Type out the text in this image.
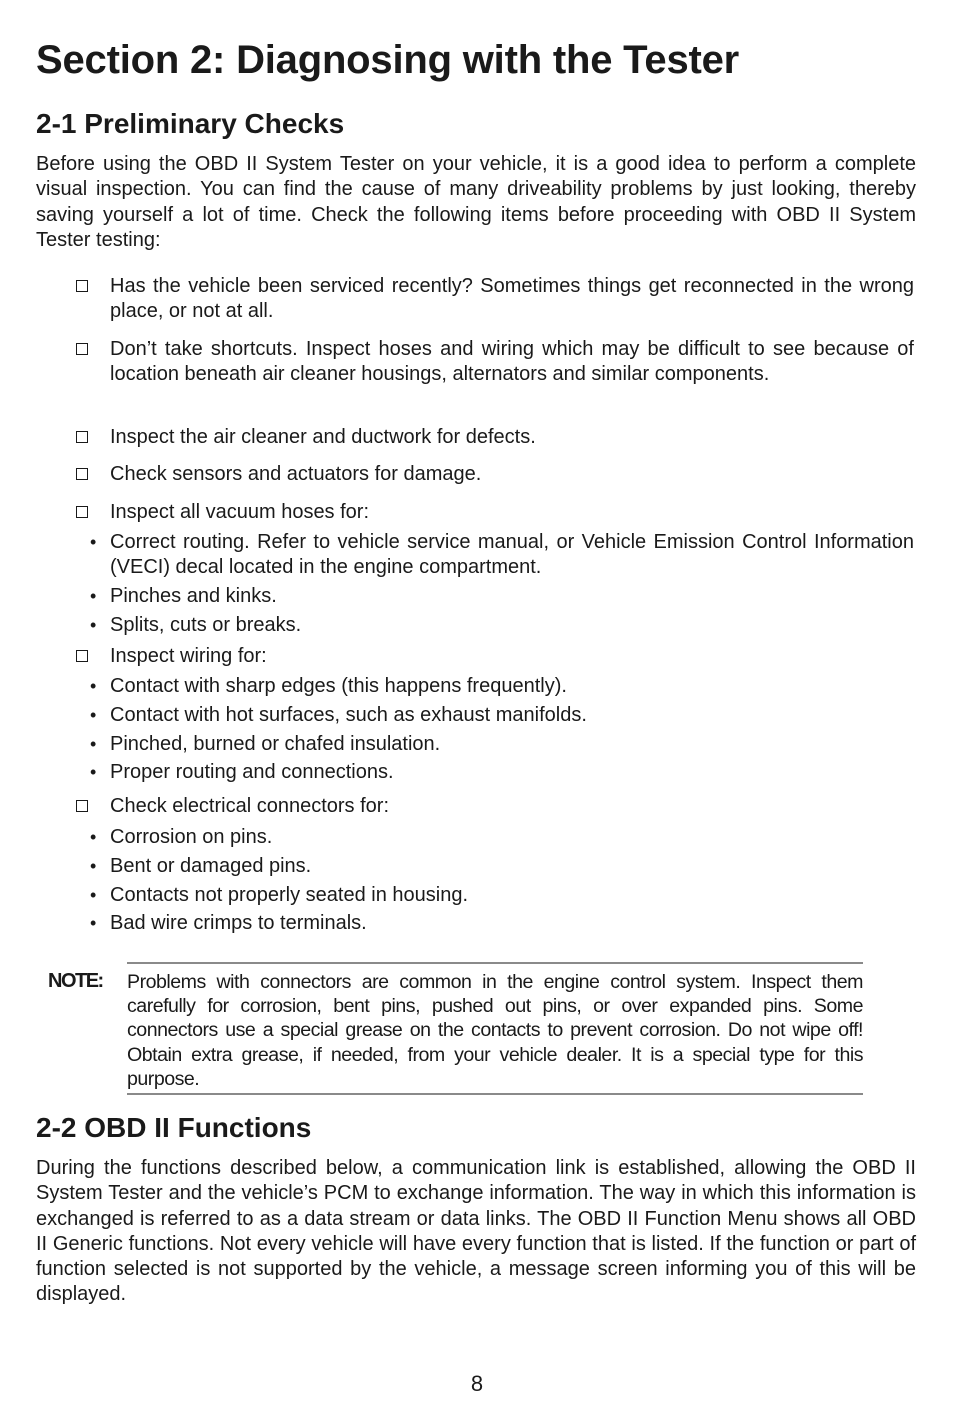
Section 2: Diagnosing with the Tester
2-1 Preliminary Checks

Before using the OBD II System Tester on your vehicle, it is a good idea to perform a complete visual inspection. You can find the cause of many driveability problems by just looking, thereby saving yourself a lot of time. Check the following items before proceeding with OBD II System Tester testing:

Has the vehicle been serviced recently? Sometimes things get reconnected in the wrong place, or not at all.
Don’t take shortcuts. Inspect hoses and wiring which may be difficult to see because of location beneath air cleaner housings, alternators and similar components.
Inspect the air cleaner and ductwork for defects.
Check sensors and actuators for damage.
Inspect all vacuum hoses for:
• Correct routing. Refer to vehicle service manual, or Vehicle Emission Control Information (VECI) decal located in the engine compartment.
• Pinches and kinks.
• Splits, cuts or breaks.
Inspect wiring for:
• Contact with sharp edges (this happens frequently).
• Contact with hot surfaces, such as exhaust manifolds.
• Pinched, burned or chafed insulation.
• Proper routing and connections.
Check electrical connectors for:
• Corrosion on pins.
• Bent or damaged pins.
• Contacts not properly seated in housing.
• Bad wire crimps to terminals.
NOTE: Problems with connectors are common in the engine control system. Inspect them carefully for corrosion, bent pins, pushed out pins, or over expanded pins. Some connectors use a special grease on the contacts to prevent corrosion. Do not wipe off! Obtain extra grease, if needed, from your vehicle dealer. It is a special type for this purpose.
2-2 OBD II Functions

During the functions described below, a communication link is established, allowing the OBD II System Tester and the vehicle’s PCM to exchange information. The way in which this information is exchanged is referred to as a data stream or data links. The OBD II Function Menu shows all OBD II Generic functions. Not every vehicle will have every function that is listed. If the function or part of function selected is not supported by the vehicle, a message screen informing you of this will be displayed.

8
